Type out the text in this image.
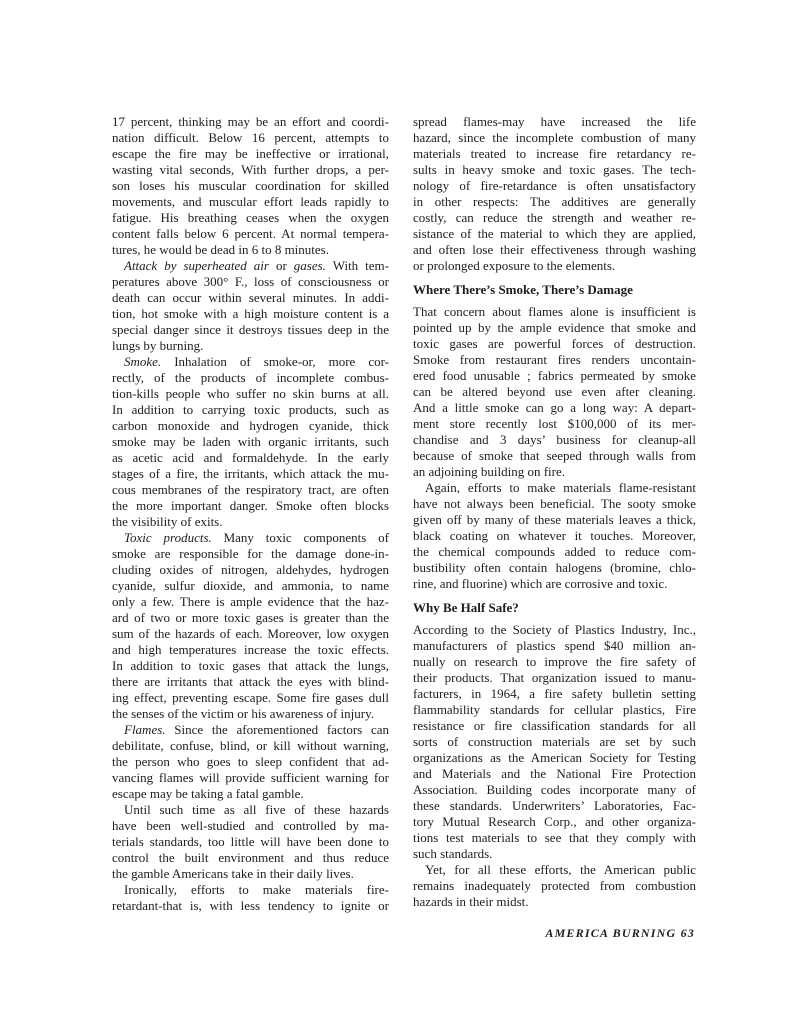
17 percent, thinking may be an effort and coordi-
nation difficult. Below 16 percent, attempts to
escape the fire may be ineffective or irrational,
wasting vital seconds, With further drops, a per-
son loses his muscular coordination for skilled
movements, and muscular effort leads rapidly to
fatigue. His breathing ceases when the oxygen
content falls below 6 percent. At normal tempera-
tures, he would be dead in 6 to 8 minutes.
Attack by superheated air or gases. With tem-
peratures above 300° F., loss of consciousness or
death can occur within several minutes. In addi-
tion, hot smoke with a high moisture content is a
special danger since it destroys tissues deep in the
lungs by burning.
Smoke. Inhalation of smoke-or, more cor-
rectly, of the products of incomplete combus-
tion-kills people who suffer no skin burns at all.
In addition to carrying toxic products, such as
carbon monoxide and hydrogen cyanide, thick
smoke may be laden with organic irritants, such
as acetic acid and formaldehyde. In the early
stages of a fire, the irritants, which attack the mu-
cous membranes of the respiratory tract, are often
the more important danger. Smoke often blocks
the visibility of exits.
Toxic products. Many toxic components of
smoke are responsible for the damage done-in-
cluding oxides of nitrogen, aldehydes, hydrogen
cyanide, sulfur dioxide, and ammonia, to name
only a few. There is ample evidence that the haz-
ard of two or more toxic gases is greater than the
sum of the hazards of each. Moreover, low oxygen
and high temperatures increase the toxic effects.
In addition to toxic gases that attack the lungs,
there are irritants that attack the eyes with blind-
ing effect, preventing escape. Some fire gases dull
the senses of the victim or his awareness of injury.
Flames. Since the aforementioned factors can
debilitate, confuse, blind, or kill without warning,
the person who goes to sleep confident that ad-
vancing flames will provide sufficient warning for
escape may be taking a fatal gamble.
Until such time as all five of these hazards
have been well-studied and controlled by ma-
terials standards, too little will have been done to
control the built environment and thus reduce
the gamble Americans take in their daily lives.
Ironically, efforts to make materials fire-
retardant-that is, with less tendency to ignite or
spread flames-may have increased the life
hazard, since the incomplete combustion of many
materials treated to increase fire retardancy re-
sults in heavy smoke and toxic gases. The tech-
nology of fire-retardance is often unsatisfactory
in other respects: The additives are generally
costly, can reduce the strength and weather re-
sistance of the material to which they are applied,
and often lose their effectiveness through washing
or prolonged exposure to the elements.
Where There’s Smoke, There’s Damage
That concern about flames alone is insufficient is
pointed up by the ample evidence that smoke and
toxic gases are powerful forces of destruction.
Smoke from restaurant fires renders uncontain-
ered food unusable ; fabrics permeated by smoke
can be altered beyond use even after cleaning.
And a little smoke can go a long way: A depart-
ment store recently lost $100,000 of its mer-
chandise and 3 days’ business for cleanup-all
because of smoke that seeped through walls from
an adjoining building on fire.
Again, efforts to make materials flame-resistant
have not always been beneficial. The sooty smoke
given off by many of these materials leaves a thick,
black coating on whatever it touches. Moreover,
the chemical compounds added to reduce com-
bustibility often contain halogens (bromine, chlo-
rine, and fluorine) which are corrosive and toxic.
Why Be Half Safe?
According to the Society of Plastics Industry, Inc.,
manufacturers of plastics spend $40 million an-
nually on research to improve the fire safety of
their products. That organization issued to manu-
facturers, in 1964, a fire safety bulletin setting
flammability standards for cellular plastics, Fire
resistance or fire classification standards for all
sorts of construction materials are set by such
organizations as the American Society for Testing
and Materials and the National Fire Protection
Association. Building codes incorporate many of
these standards. Underwriters’ Laboratories, Fac-
tory Mutual Research Corp., and other organiza-
tions test materials to see that they comply with
such standards.
Yet, for all these efforts, the American public
remains inadequately protected from combustion
hazards in their midst.
AMERICA BURNING 63
